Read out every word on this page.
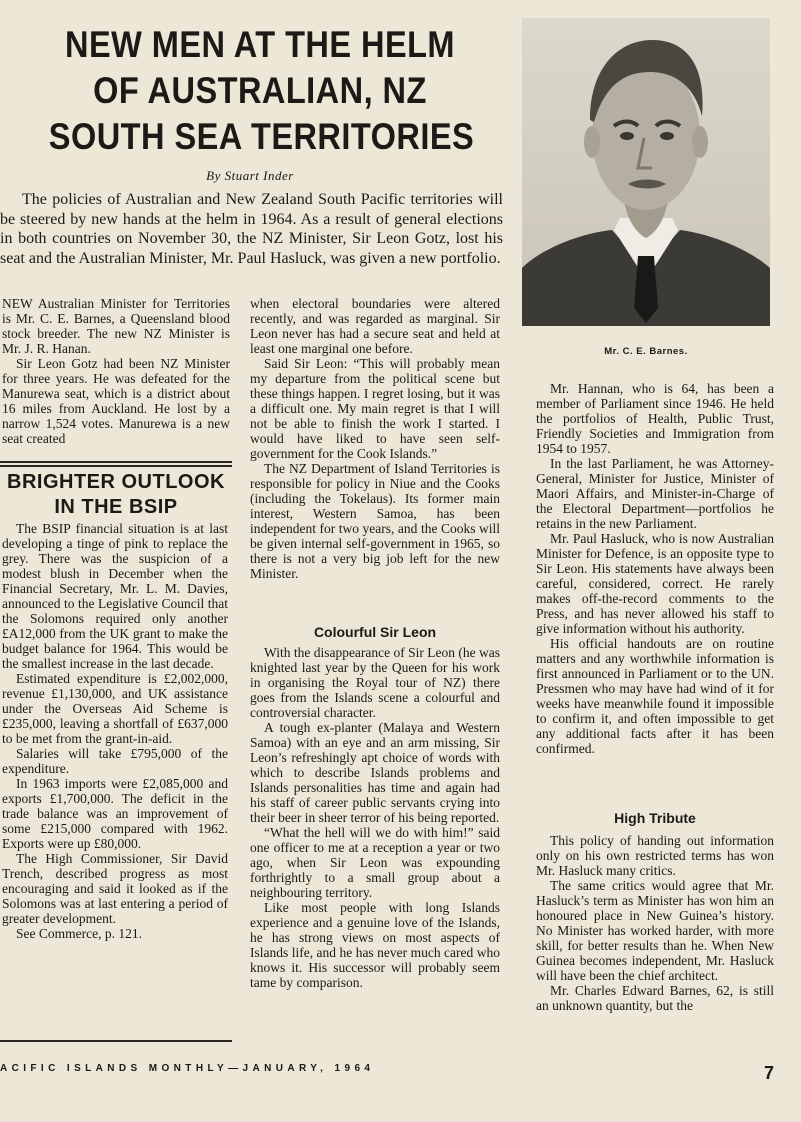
NEW MEN AT THE HELM
OF AUSTRALIAN, NZ
SOUTH SEA TERRITORIES
By Stuart Inder

The policies of Australian and New Zealand South Pacific territories will be steered by new hands at the helm in 1964. As a result of general elections in both countries on November 30, the NZ Minister, Sir Leon Gotz, lost his seat and the Australian Minister, Mr. Paul Hasluck, was given a new portfolio.

NEW Australian Minister for Territories is Mr. C. E. Barnes, a Queensland blood stock breeder. The new NZ Minister is Mr. J. R. Hanan.

Sir Leon Gotz had been NZ Minister for three years. He was defeated for the Manurewa seat, which is a district about 16 miles from Auckland. He lost by a narrow 1,524 votes. Manurewa is a new seat created

BRIGHTER OUTLOOK
IN THE BSIP

The BSIP financial situation is at last developing a tinge of pink to replace the grey. There was the suspicion of a modest blush in December when the Financial Secretary, Mr. L. M. Davies, announced to the Legislative Council that the Solomons required only another £A12,000 from the UK grant to make the budget balance for 1964. This would be the smallest increase in the last decade.

Estimated expenditure is £2,002,000, revenue £1,130,000, and UK assistance under the Overseas Aid Scheme is £235,000, leaving a shortfall of £637,000 to be met from the grant-in-aid.

Salaries will take £795,000 of the expenditure.

In 1963 imports were £2,085,000 and exports £1,700,000. The deficit in the trade balance was an improvement of some £215,000 compared with 1962. Exports were up £80,000.

The High Commissioner, Sir David Trench, described progress as most encouraging and said it looked as if the Solomons was at last entering a period of greater development.

See Commerce, p. 121.

when electoral boundaries were altered recently, and was regarded as marginal. Sir Leon never has had a secure seat and held at least one marginal one before.

Said Sir Leon: “This will probably mean my departure from the political scene but these things happen. I regret losing, but it was a difficult one. My main regret is that I will not be able to finish the work I started. I would have liked to have seen self-government for the Cook Islands.”

The NZ Department of Island Territories is responsible for policy in Niue and the Cooks (including the Tokelaus). Its former main interest, Western Samoa, has been independent for two years, and the Cooks will be given internal self-government in 1965, so there is not a very big job left for the new Minister.

Colourful Sir Leon

With the disappearance of Sir Leon (he was knighted last year by the Queen for his work in organising the Royal tour of NZ) there goes from the Islands scene a colourful and controversial character.

A tough ex-planter (Malaya and Western Samoa) with an eye and an arm missing, Sir Leon’s refreshingly apt choice of words with which to describe Islands problems and Islands personalities has time and again had his staff of career public servants crying into their beer in sheer terror of his being reported.

“What the hell will we do with him!” said one officer to me at a reception a year or two ago, when Sir Leon was expounding forthrightly to a small group about a neighbouring territory.

Like most people with long Islands experience and a genuine love of the Islands, he has strong views on most aspects of Islands life, and he has never much cared who knows it. His successor will probably seem tame by comparison.

Mr. C. E. Barnes.

Mr. Hannan, who is 64, has been a member of Parliament since 1946. He held the portfolios of Health, Public Trust, Friendly Societies and Immigration from 1954 to 1957.

In the last Parliament, he was Attorney-General, Minister for Justice, Minister of Maori Affairs, and Minister-in-Charge of the Electoral Department—portfolios he retains in the new Parliament.

Mr. Paul Hasluck, who is now Australian Minister for Defence, is an opposite type to Sir Leon. His statements have always been careful, considered, correct. He rarely makes off-the-record comments to the Press, and has never allowed his staff to give information without his authority.

His official handouts are on routine matters and any worthwhile information is first announced in Parliament or to the UN. Pressmen who may have had wind of it for weeks have meanwhile found it impossible to confirm it, and often impossible to get any additional facts after it has been confirmed.

High Tribute

This policy of handing out information only on his own restricted terms has won Mr. Hasluck many critics.

The same critics would agree that Mr. Hasluck’s term as Minister has won him an honoured place in New Guinea’s history. No Minister has worked harder, with more skill, for better results than he. When New Guinea becomes independent, Mr. Hasluck will have been the chief architect.

Mr. Charles Edward Barnes, 62, is still an unknown quantity, but the

ACIFIC ISLANDS MONTHLY—JANUARY, 1964	7
